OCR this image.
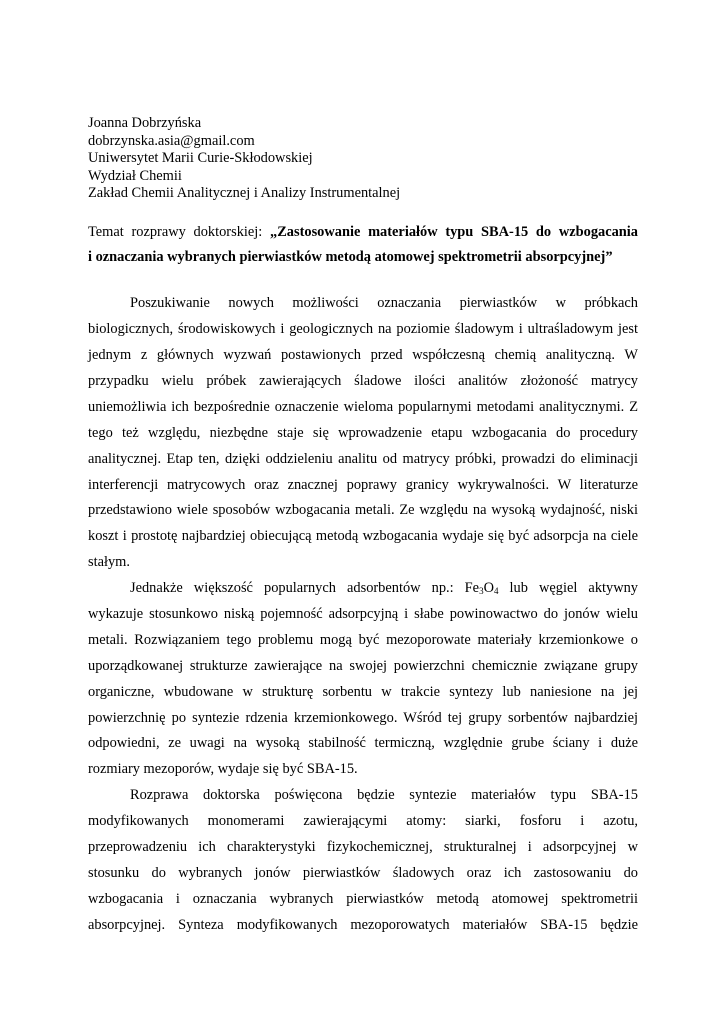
Joanna Dobrzyńska
dobrzynska.asia@gmail.com
Uniwersytet Marii Curie-Skłodowskiej
Wydział Chemii
Zakład Chemii Analitycznej i Analizy Instrumentalnej
Temat rozprawy doktorskiej: „Zastosowanie materiałów typu SBA-15 do wzbogacania
i oznaczania wybranych pierwiastków metodą atomowej spektrometrii absorpcyjnej”
Poszukiwanie nowych możliwości oznaczania pierwiastków w próbkach
biologicznych, środowiskowych i geologicznych na poziomie śladowym i ultraśladowym jest
jednym z głównych wyzwań postawionych przed współczesną chemią analityczną. W
przypadku wielu próbek zawierających śladowe ilości analitów złożoność matrycy
uniemożliwia ich bezpośrednie oznaczenie wieloma popularnymi metodami analitycznymi. Z
tego też względu, niezbędne staje się wprowadzenie etapu wzbogacania do procedury
analitycznej. Etap ten, dzięki oddzieleniu analitu od matrycy próbki, prowadzi do eliminacji
interferencji matrycowych oraz znacznej poprawy granicy wykrywalności. W literaturze
przedstawiono wiele sposobów wzbogacania metali. Ze względu na wysoką wydajność, niski
koszt i prostotę najbardziej obiecującą metodą wzbogacania wydaje się być adsorpcja na ciele
stałym.
Jednakże większość popularnych adsorbentów np.: $Fe_3O_4$ lub węgiel aktywny
wykazuje stosunkowo niską pojemność adsorpcyjną i słabe powinowactwo do jonów wielu
metali. Rozwiązaniem tego problemu mogą być mezoporowate materiały krzemionkowe o
uporządkowanej strukturze zawierające na swojej powierzchni chemicznie związane grupy
organiczne, wbudowane w strukturę sorbentu w trakcie syntezy lub naniesione na jej
powierzchnię po syntezie rdzenia krzemionkowego. Wśród tej grupy sorbentów najbardziej
odpowiedni, ze uwagi na wysoką stabilność termiczną, względnie grube ściany i duże
rozmiary mezoporów, wydaje się być SBA-15.
Rozprawa doktorska poświęcona będzie syntezie materiałów typu SBA-15
modyfikowanych monomerami zawierającymi atomy: siarki, fosforu i azotu,
przeprowadzeniu ich charakterystyki fizykochemicznej, strukturalnej i adsorpcyjnej w
stosunku do wybranych jonów pierwiastków śladowych oraz ich zastosowaniu do
wzbogacania i oznaczania wybranych pierwiastków metodą atomowej spektrometrii
absorpcyjnej. Synteza modyfikowanych mezoporowatych materiałów SBA-15 będzie
